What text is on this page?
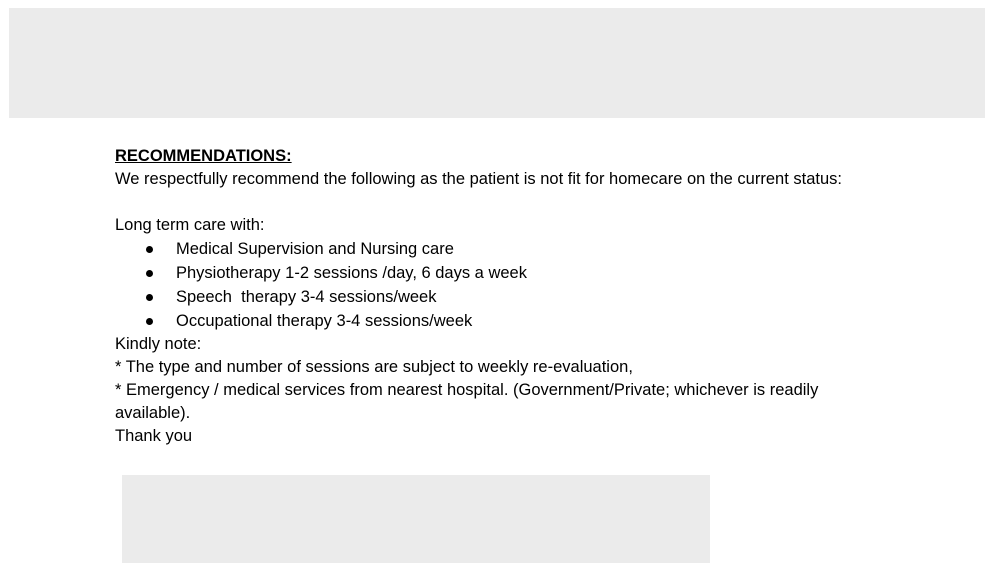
RECOMMENDATIONS:

We respectfully recommend the following as the patient is not fit for homecare on the current status:

Long term care with:

Medical Supervision and Nursing care
Physiotherapy 1-2 sessions /day, 6 days a week
Speech  therapy 3-4 sessions/week
Occupational therapy 3-4 sessions/week

Kindly note:

* The type and number of sessions are subject to weekly re-evaluation,

* Emergency / medical services from nearest hospital. (Government/Private; whichever is readily available).

Thank you
